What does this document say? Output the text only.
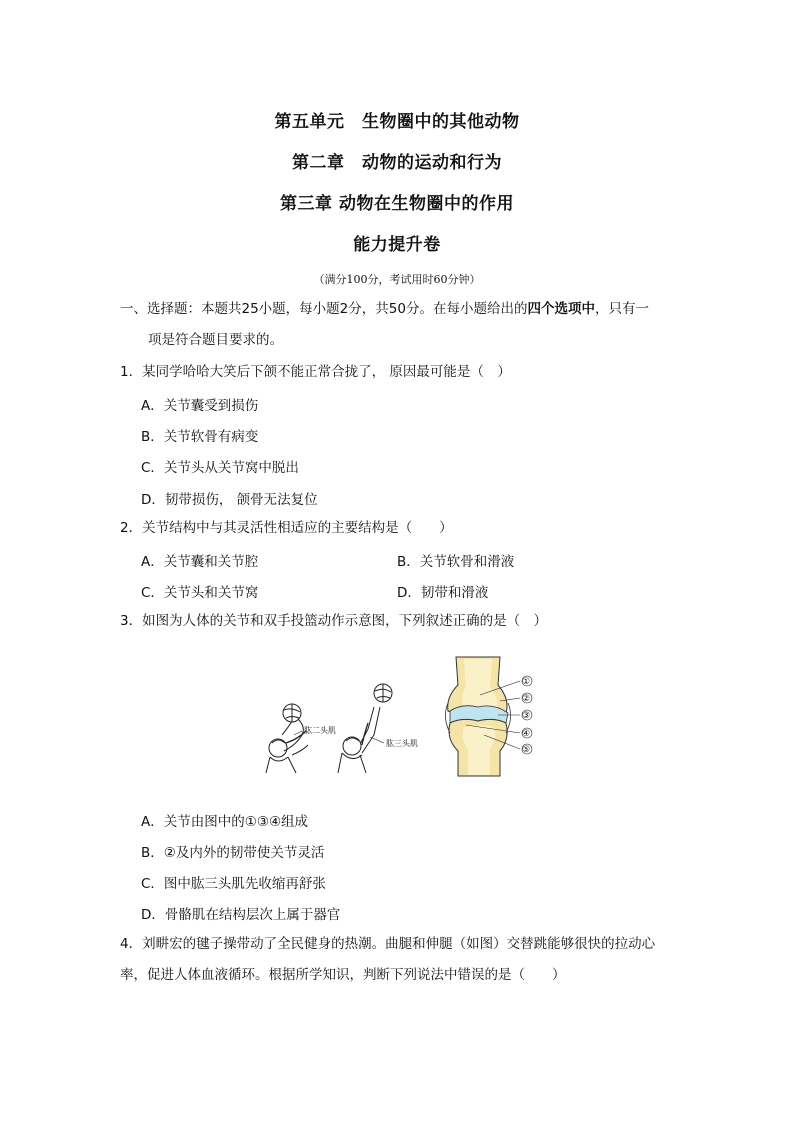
第五单元　生物圈中的其他动物
第二章　动物的运动和行为
第三章 动物在生物圈中的作用
能力提升卷
（满分100分，考试用时60分钟）
一、选择题：本题共25小题，每小题2分，共50分。在每小题给出的四个选项中，只有一
项是符合题目要求的。
1．某同学哈哈大笑后下颌不能正常合拢了， 原因最可能是（　）
A．关节囊受到损伤
B．关节软骨有病变
C．关节头从关节窝中脱出
D．韧带损伤， 颌骨无法复位
2．关节结构中与其灵活性相适应的主要结构是（　　）
A．关节囊和关节腔	B．关节软骨和滑液
C．关节头和关节窝	D．韧带和滑液
3．如图为人体的关节和双手投篮动作示意图，下列叙述正确的是（　）
肱二头肌
肱三头肌
①
②
③
④
⑤
A．关节由图中的①③④组成
B．②及内外的韧带使关节灵活
C．图中肱三头肌先收缩再舒张
D．骨骼肌在结构层次上属于器官
4．刘畊宏的毽子操带动了全民健身的热潮。曲腿和伸腿（如图）交替跳能够很快的拉动心
率，促进人体血液循环。根据所学知识，判断下列说法中错误的是（　　）
